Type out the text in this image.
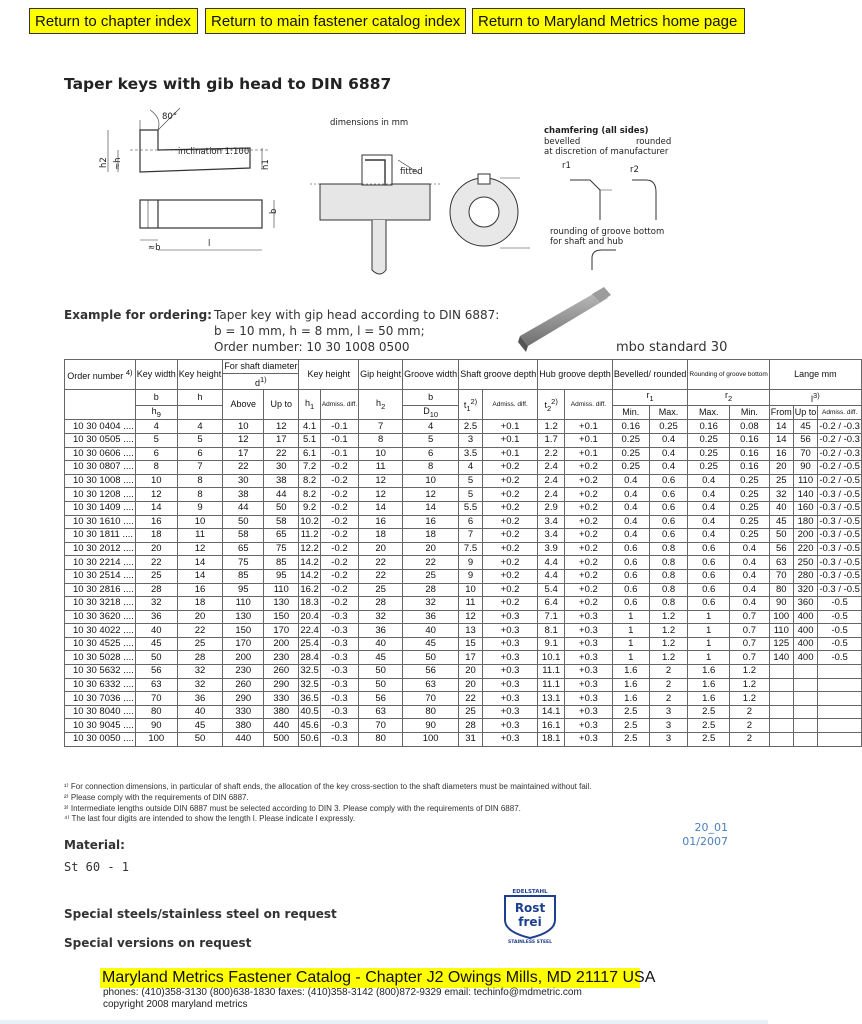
Return to chapter index	Return to main fastener catalog index	Return to Maryland Metrics home page
Taper keys with gib head to DIN 6887
80°
inclination 1:100
h2 ≈h	h1
b
≈b	l
dimensions in mm
fitted
chamfering (all sides)
bevelled	rounded
at discretion of manufacturer
r1	r2
rounding of groove bottom
for shaft and hub
Example for ordering: Taper key with gip head according to DIN 6887:
b = 10 mm, h = 8 mm, l = 50 mm;
Order number: 10 30 1008 0500	mbo standard 30
Order number $^{4)}$	Key width	Key height	For shaft diameter		Key height		Gip height	Groove width	Shaft groove depth		Hub groove depth		Bevelled/ rounded		Rounding of groove bottom		Lange mm		
			$d^{1)}$
	b	h	Above	Up to	$h_1$	Admiss. diff.	$h_2$	b	$t_1^{2)}$	Admiss. diff.	$t_2^{2)}$	Admiss. diff.	$r_1$		$r_2$		$l^{3)}$
	$h_9$							$D_{10}$					Min.	Max.	Max.	Min.	From	Up to	Admiss. diff.
10 30 0404 ....	4	4	10	12	4.1	-0.1	7	4	2.5	+0.1	1.2	+0.1	0.16	0.25	0.16	0.08	14	45	-0.2 / -0.3
10 30 0505 ....	5	5	12	17	5.1	-0.1	8	5	3	+0.1	1.7	+0.1	0.25	0.4	0.25	0.16	14	56	-0.2 / -0.3
10 30 0606 ....	6	6	17	22	6.1	-0.1	10	6	3.5	+0.1	2.2	+0.1	0.25	0.4	0.25	0.16	16	70	-0.2 / -0.3
10 30 0807 ....	8	7	22	30	7.2	-0.2	11	8	4	+0.2	2.4	+0.2	0.25	0.4	0.25	0.16	20	90	-0.2 / -0.5
10 30 1008 ....	10	8	30	38	8.2	-0.2	12	10	5	+0.2	2.4	+0.2	0.4	0.6	0.4	0.25	25	110	-0.2 / -0.5
10 30 1208 ....	12	8	38	44	8.2	-0.2	12	12	5	+0.2	2.4	+0.2	0.4	0.6	0.4	0.25	32	140	-0.3 / -0.5
10 30 1409 ....	14	9	44	50	9.2	-0.2	14	14	5.5	+0.2	2.9	+0.2	0.4	0.6	0.4	0.25	40	160	-0.3 / -0.5
10 30 1610 ....	16	10	50	58	10.2	-0.2	16	16	6	+0.2	3.4	+0.2	0.4	0.6	0.4	0.25	45	180	-0.3 / -0.5
10 30 1811 ....	18	11	58	65	11.2	-0.2	18	18	7	+0.2	3.4	+0.2	0.4	0.6	0.4	0.25	50	200	-0.3 / -0.5
10 30 2012 ....	20	12	65	75	12.2	-0.2	20	20	7.5	+0.2	3.9	+0.2	0.6	0.8	0.6	0.4	56	220	-0.3 / -0.5
10 30 2214 ....	22	14	75	85	14.2	-0.2	22	22	9	+0.2	4.4	+0.2	0.6	0.8	0.6	0.4	63	250	-0.3 / -0.5
10 30 2514 ....	25	14	85	95	14.2	-0.2	22	25	9	+0.2	4.4	+0.2	0.6	0.8	0.6	0.4	70	280	-0.3 / -0.5
10 30 2816 ....	28	16	95	110	16.2	-0.2	25	28	10	+0.2	5.4	+0.2	0.6	0.8	0.6	0.4	80	320	-0.3 / -0.5
10 30 3218 ....	32	18	110	130	18.3	-0.2	28	32	11	+0.2	6.4	+0.2	0.6	0.8	0.6	0.4	90	360	-0.5
10 30 3620 ....	36	20	130	150	20.4	-0.3	32	36	12	+0.3	7.1	+0.3	1	1.2	1	0.7	100	400	-0.5
10 30 4022 ....	40	22	150	170	22.4	-0.3	36	40	13	+0.3	8.1	+0.3	1	1.2	1	0.7	110	400	-0.5
10 30 4525 ....	45	25	170	200	25.4	-0.3	40	45	15	+0.3	9.1	+0.3	1	1.2	1	0.7	125	400	-0.5
10 30 5028 ....	50	28	200	230	28.4	-0.3	45	50	17	+0.3	10.1	+0.3	1	1.2	1	0.7	140	400	-0.5
10 30 5632 ....	56	32	230	260	32.5	-0.3	50	56	20	+0.3	11.1	+0.3	1.6	2	1.6	1.2			
10 30 6332 ....	63	32	260	290	32.5	-0.3	50	63	20	+0.3	11.1	+0.3	1.6	2	1.6	1.2			
10 30 7036 ....	70	36	290	330	36.5	-0.3	56	70	22	+0.3	13.1	+0.3	1.6	2	1.6	1.2			
10 30 8040 ....	80	40	330	380	40.5	-0.3	63	80	25	+0.3	14.1	+0.3	2.5	3	2.5	2			
10 30 9045 ....	90	45	380	440	45.6	-0.3	70	90	28	+0.3	16.1	+0.3	2.5	3	2.5	2			
10 30 0050 ....	100	50	440	500	50.6	-0.3	80	100	31	+0.3	18.1	+0.3	2.5	3	2.5	2			
¹⁾ For connection dimensions, in particular of shaft ends, the allocation of the key cross-section to the shaft diameters must be maintained without fail.
²⁾ Please comply with the requirements of DIN 6887.
³⁾ Intermediate lengths outside DIN 6887 must be selected according to DIN 3. Please comply with the requirements of DIN 6887.
⁴⁾ The last four digits are intended to show the length l. Please indicate l expressly.
20_01
01/2007
Material:
St 60 - 1
Special steels/stainless steel on request
Special versions on request
EDELSTAHL
Rost
frei
STAINLESS STEEL
Maryland Metrics Fastener Catalog - Chapter J2 Owings Mills, MD 21117 USA
phones: (410)358-3130 (800)638-1830 faxes: (410)358-3142 (800)872-9329 email: techinfo@mdmetric.com
copyright 2008 maryland metrics
